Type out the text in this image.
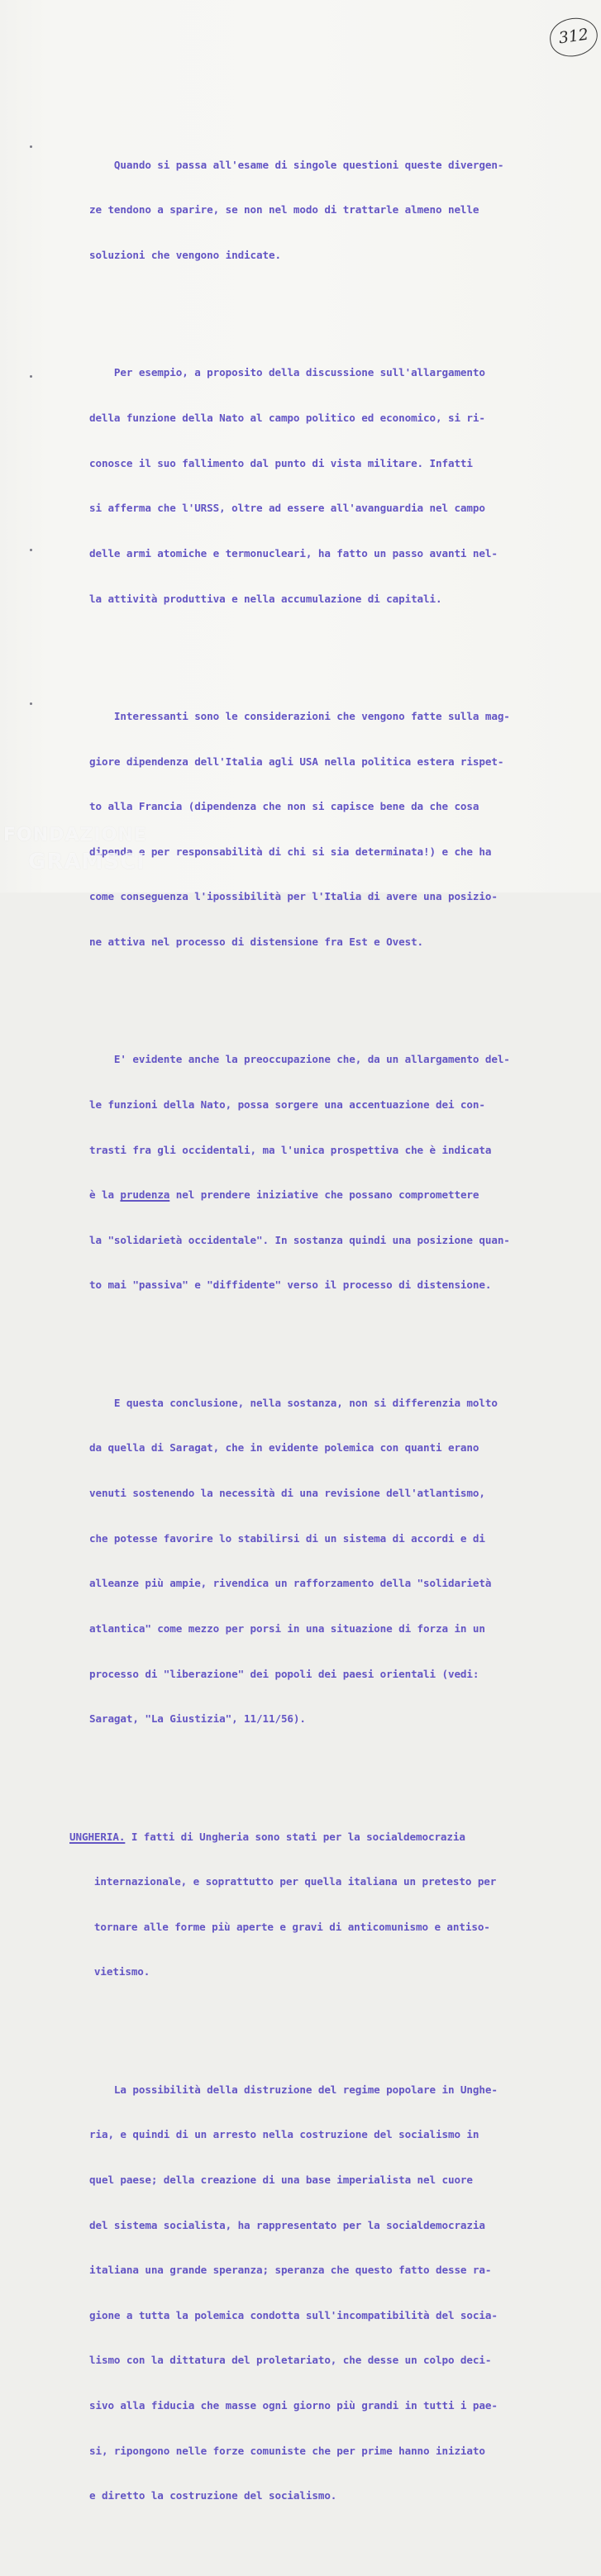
312

Quando si passa all'esame di singole questioni queste divergen-

ze tendono a sparire, se non nel modo di trattarle almeno nelle

soluzioni che vengono indicate.

Per esempio, a proposito della discussione sull'allargamento

della funzione della Nato al campo politico ed economico, si ri-

conosce il suo fallimento dal punto di vista militare. Infatti

si afferma che l'URSS, oltre ad essere all'avanguardia nel campo

delle armi atomiche e termonucleari, ha fatto un passo avanti nel-

la attività produttiva e nella accumulazione di capitali.

Interessanti sono le considerazioni che vengono fatte sulla mag-

giore dipendenza dell'Italia agli USA nella politica estera rispet-

to alla Francia (dipendenza che non si capisce bene da che cosa

dipenda e per responsabilità di chi si sia determinata!) e che ha

come conseguenza l'ipossibilità per l'Italia di avere una posizio-

ne attiva nel processo di distensione fra Est e Ovest.

E' evidente anche la preoccupazione che, da un allargamento del-

le funzioni della Nato, possa sorgere una accentuazione dei con-

trasti fra gli occidentali, ma l'unica prospettiva che è indicata

è la prudenza nel prendere iniziative che possano compromettere

la "solidarietà occidentale". In sostanza quindi una posizione quan-

to mai "passiva" e "diffidente" verso il processo di distensione.

E questa conclusione, nella sostanza, non si differenzia molto

da quella di Saragat, che in evidente polemica con quanti erano

venuti sostenendo la necessità di una revisione dell'atlantismo,

che potesse favorire lo stabilirsi di un sistema di accordi e di

alleanze più ampie, rivendica un rafforzamento della "solidarietà

atlantica" come mezzo per porsi in una situazione di forza in un

processo di "liberazione" dei popoli dei paesi orientali (vedi:

Saragat, "La Giustizia", 11/11/56).

UNGHERIA. I fatti di Ungheria sono stati per la socialdemocrazia

internazionale, e soprattutto per quella italiana un pretesto per

tornare alle forme più aperte e gravi di anticomunismo e antiso-

vietismo.

La possibilità della distruzione del regime popolare in Unghe-

ria, e quindi di un arresto nella costruzione del socialismo in

quel paese; della creazione di una base imperialista nel cuore

del sistema socialista, ha rappresentato per la socialdemocrazia

italiana una grande speranza; speranza che questo fatto desse ra-

gione a tutta la polemica condotta sull'incompatibilità del socia-

lismo con la dittatura del proletariato, che desse un colpo deci-

sivo alla fiducia che masse ogni giorno più grandi in tutti i pae-

si, ripongono nelle forze comuniste che per prime hanno iniziato

e diretto la costruzione del socialismo.

FONDAZIONE
GRAMSCI
